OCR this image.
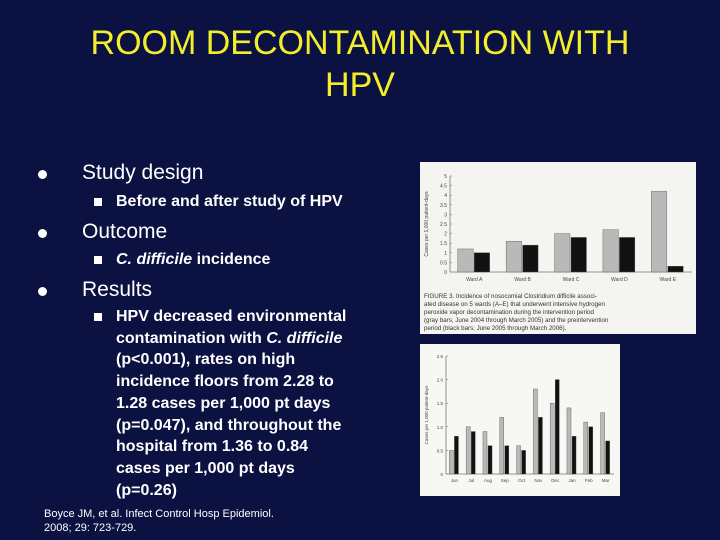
ROOM DECONTAMINATION WITH
HPV
Study design
Before and after study of HPV
Outcome
C. difficile incidence
Results
HPV decreased environmental
contamination with C. difficile
(p<0.001), rates on high
incidence floors from 2.28 to
1.28 cases per 1,000 pt days
(p=0.047), and throughout the
hospital from 1.36 to 0.84
cases per 1,000 pt days
(p=0.26)
Cases per 1,000 patient-days
0
0.5
1
1.5
2
2.5
3
3.5
4
4.5
5
Ward A	Ward B	Ward C	Ward D	Ward E
FIGURE 3. Incidence of nosocomial Clostridium difficile associ-
ated disease on 5 wards (A–E) that underwent intensive hydrogen
peroxide vapor decontamination during the intervention period
(gray bars; June 2004 through March 2005) and the preintervention
period (black bars; June 2005 through March 2006).
Cases per 1,000 patient-days
0
0.5
1.0
1.5
2.0
2.5
Jun Jul Aug Sep Oct Nov Dec Jan Feb Mar
Boyce JM, et al. Infect Control Hosp Epidemiol.
2008; 29: 723-729.
